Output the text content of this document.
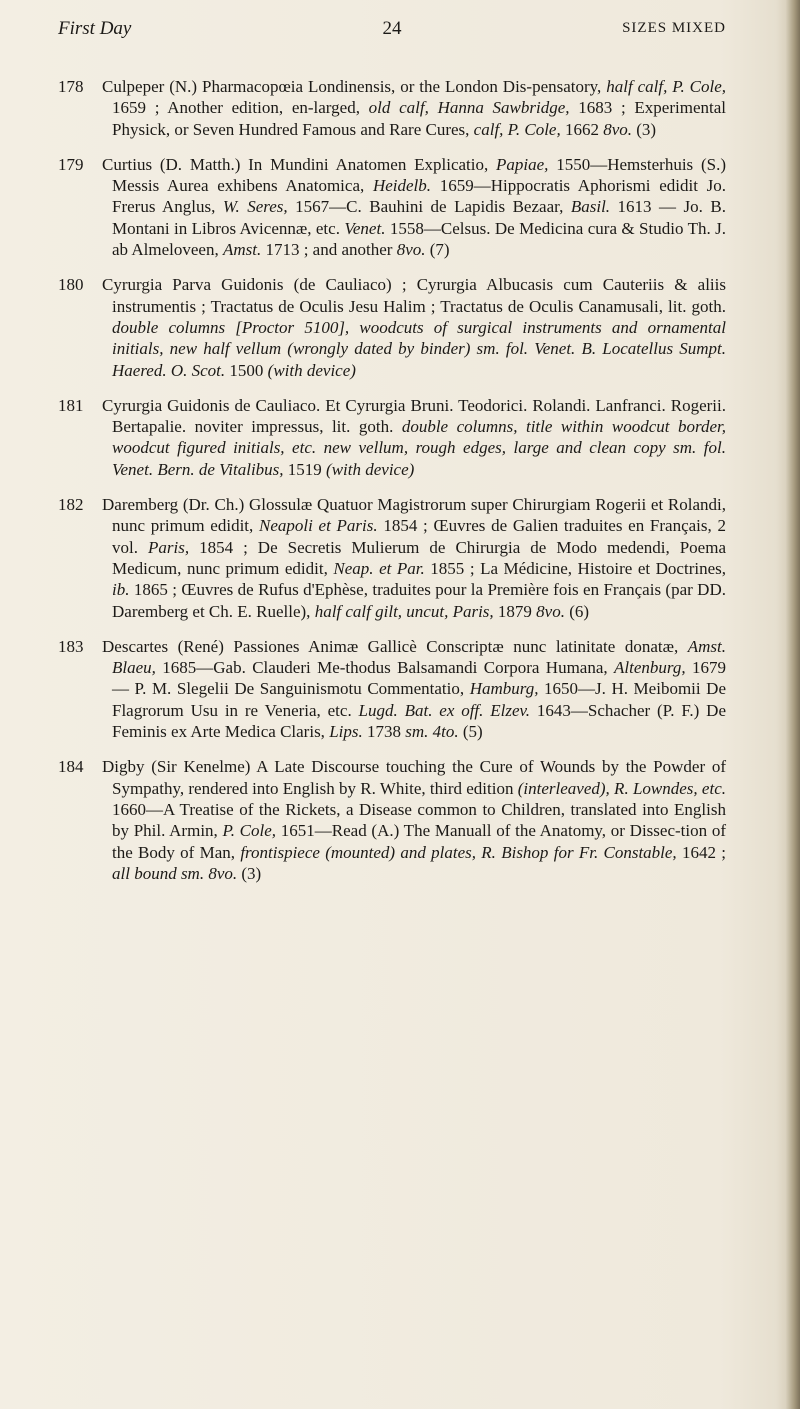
First Day	24	SIZES MIXED
178	Culpeper (N.) Pharmacopœia Londinensis, or the London Dis-pensatory, half calf, P. Cole, 1659 ; Another edition, en-larged, old calf, Hanna Sawbridge, 1683 ; Experimental Physick, or Seven Hundred Famous and Rare Cures, calf, P. Cole, 1662 8vo. (3)
179	Curtius (D. Matth.) In Mundini Anatomen Explicatio, Papiae, 1550—Hemsterhuis (S.) Messis Aurea exhibens Anatomica, Heidelb. 1659—Hippocratis Aphorismi edidit Jo. Frerus Anglus, W. Seres, 1567—C. Bauhini de Lapidis Bezaar, Basil. 1613 — Jo. B. Montani in Libros Avicennæ, etc. Venet. 1558—Celsus. De Medicina cura & Studio Th. J. ab Almeloveen, Amst. 1713 ; and another 8vo. (7)
180	Cyrurgia Parva Guidonis (de Cauliaco) ; Cyrurgia Albucasis cum Cauteriis & aliis instrumentis ; Tractatus de Oculis Jesu Halim ; Tractatus de Oculis Canamusali, lit. goth. double columns [Proctor 5100], woodcuts of surgical instruments and ornamental initials, new half vellum (wrongly dated by binder) sm. fol. Venet. B. Locatellus Sumpt. Haered. O. Scot. 1500 (with device)
181	Cyrurgia Guidonis de Cauliaco. Et Cyrurgia Bruni. Teodorici. Rolandi. Lanfranci. Rogerii. Bertapalie. noviter impressus, lit. goth. double columns, title within woodcut border, woodcut figured initials, etc. new vellum, rough edges, large and clean copy sm. fol. Venet. Bern. de Vitalibus, 1519 (with device)
182	Daremberg (Dr. Ch.) Glossulæ Quatuor Magistrorum super Chirurgiam Rogerii et Rolandi, nunc primum edidit, Neapoli et Paris. 1854 ; Œuvres de Galien traduites en Français, 2 vol. Paris, 1854 ; De Secretis Mulierum de Chirurgia de Modo medendi, Poema Medicum, nunc primum edidit, Neap. et Par. 1855 ; La Médicine, Histoire et Doctrines, ib. 1865 ; Œuvres de Rufus d'Ephèse, traduites pour la Première fois en Français (par DD. Daremberg et Ch. E. Ruelle), half calf gilt, uncut, Paris, 1879 8vo. (6)
183	Descartes (René) Passiones Animæ Gallicè Conscriptæ nunc latinitate donatæ, Amst. Blaeu, 1685—Gab. Clauderi Me-thodus Balsamandi Corpora Humana, Altenburg, 1679— P. M. Slegelii De Sanguinismotu Commentatio, Hamburg, 1650—J. H. Meibomii De Flagrorum Usu in re Veneria, etc. Lugd. Bat. ex off. Elzev. 1643—Schacher (P. F.) De Feminis ex Arte Medica Claris, Lips. 1738 sm. 4to. (5)
184	Digby (Sir Kenelme) A Late Discourse touching the Cure of Wounds by the Powder of Sympathy, rendered into English by R. White, third edition (interleaved), R. Lowndes, etc. 1660—A Treatise of the Rickets, a Disease common to Children, translated into English by Phil. Armin, P. Cole, 1651—Read (A.) The Manuall of the Anatomy, or Dissec-tion of the Body of Man, frontispiece (mounted) and plates, R. Bishop for Fr. Constable, 1642 ; all bound sm. 8vo. (3)
